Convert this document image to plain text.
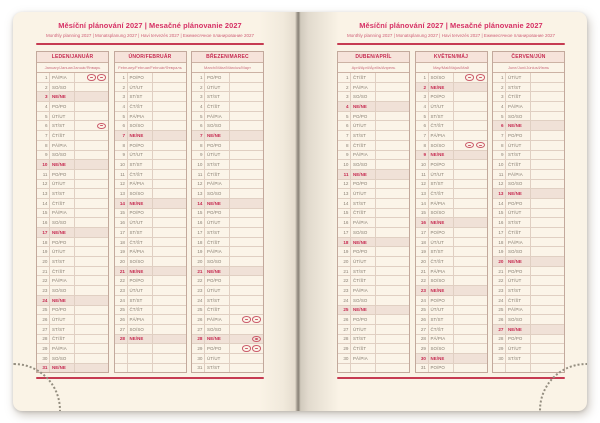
Měsíční plánování 2027 | Mesačné plánovanie 2027
Monthly planning 2027 | Monatsplanung 2027 | Havi tervezés 2027 | Ежемесячное планирование 2027
LEDEN/JANUÁR
January/Januar/Január/Январь
1	PÁ/PIA
2	SO/SO
3	NE/NE
4	PO/PO
5	ÚT/UT
6	ST/ST
7	ČT/ŠT
8	PÁ/PIA
9	SO/SO
10	NE/NE
11	PO/PO
12	ÚT/UT
13	ST/ST
14	ČT/ŠT
15	PÁ/PIA
16	SO/SO
17	NE/NE
18	PO/PO
19	ÚT/UT
20	ST/ST
21	ČT/ŠT
22	PÁ/PIA
23	SO/SO
24	NE/NE
25	PO/PO
26	ÚT/UT
27	ST/ST
28	ČT/ŠT
29	PÁ/PIA
30	SO/SO
31	NE/NE
ÚNOR/FEBRUÁR
February/Februar/Február/Февраль
1	PO/PO
2	ÚT/UT
3	ST/ST
4	ČT/ŠT
5	PÁ/PIA
6	SO/SO
7	NE/NE
8	PO/PO
9	ÚT/UT
10	ST/ST
11	ČT/ŠT
12	PÁ/PIA
13	SO/SO
14	NE/NE
15	PO/PO
16	ÚT/UT
17	ST/ST
18	ČT/ŠT
19	PÁ/PIA
20	SO/SO
21	NE/NE
22	PO/PO
23	ÚT/UT
24	ST/ST
25	ČT/ŠT
26	PÁ/PIA
27	SO/SO
28	NE/NE
BŘEZEN/MAREC
March/März/Március/Март
1	PO/PO
2	ÚT/UT
3	ST/ST
4	ČT/ŠT
5	PÁ/PIA
6	SO/SO
7	NE/NE
8	PO/PO
9	ÚT/UT
10	ST/ST
11	ČT/ŠT
12	PÁ/PIA
13	SO/SO
14	NE/NE
15	PO/PO
16	ÚT/UT
17	ST/ST
18	ČT/ŠT
19	PÁ/PIA
20	SO/SO
21	NE/NE
22	PO/PO
23	ÚT/UT
24	ST/ST
25	ČT/ŠT
26	PÁ/PIA
27	SO/SO
28	NE/NE
29	PO/PO
30	ÚT/UT
31	ST/ST
Měsíční plánování 2027 | Mesačné plánovanie 2027
Monthly planning 2027 | Monatsplanung 2027 | Havi tervezés 2027 | Ежемесячное планирование 2027
DUBEN/APRÍL
April/April/Április/Апрель
1	ČT/ŠT
2	PÁ/PIA
3	SO/SO
4	NE/NE
5	PO/PO
6	ÚT/UT
7	ST/ST
8	ČT/ŠT
9	PÁ/PIA
10	SO/SO
11	NE/NE
12	PO/PO
13	ÚT/UT
14	ST/ST
15	ČT/ŠT
16	PÁ/PIA
17	SO/SO
18	NE/NE
19	PO/PO
20	ÚT/UT
21	ST/ST
22	ČT/ŠT
23	PÁ/PIA
24	SO/SO
25	NE/NE
26	PO/PO
27	ÚT/UT
28	ST/ST
29	ČT/ŠT
30	PÁ/PIA
KVĚTEN/MÁJ
May/Mai/Május/Май
1	SO/SO
2	NE/NE
3	PO/PO
4	ÚT/UT
5	ST/ST
6	ČT/ŠT
7	PÁ/PIA
8	SO/SO
9	NE/NE
10	PO/PO
11	ÚT/UT
12	ST/ST
13	ČT/ŠT
14	PÁ/PIA
15	SO/SO
16	NE/NE
17	PO/PO
18	ÚT/UT
19	ST/ST
20	ČT/ŠT
21	PÁ/PIA
22	SO/SO
23	NE/NE
24	PO/PO
25	ÚT/UT
26	ST/ST
27	ČT/ŠT
28	PÁ/PIA
29	SO/SO
30	NE/NE
31	PO/PO
ČERVEN/JÚN
June/Juni/Június/Июнь
1	ÚT/UT
2	ST/ST
3	ČT/ŠT
4	PÁ/PIA
5	SO/SO
6	NE/NE
7	PO/PO
8	ÚT/UT
9	ST/ST
10	ČT/ŠT
11	PÁ/PIA
12	SO/SO
13	NE/NE
14	PO/PO
15	ÚT/UT
16	ST/ST
17	ČT/ŠT
18	PÁ/PIA
19	SO/SO
20	NE/NE
21	PO/PO
22	ÚT/UT
23	ST/ST
24	ČT/ŠT
25	PÁ/PIA
26	SO/SO
27	NE/NE
28	PO/PO
29	ÚT/UT
30	ST/ST
